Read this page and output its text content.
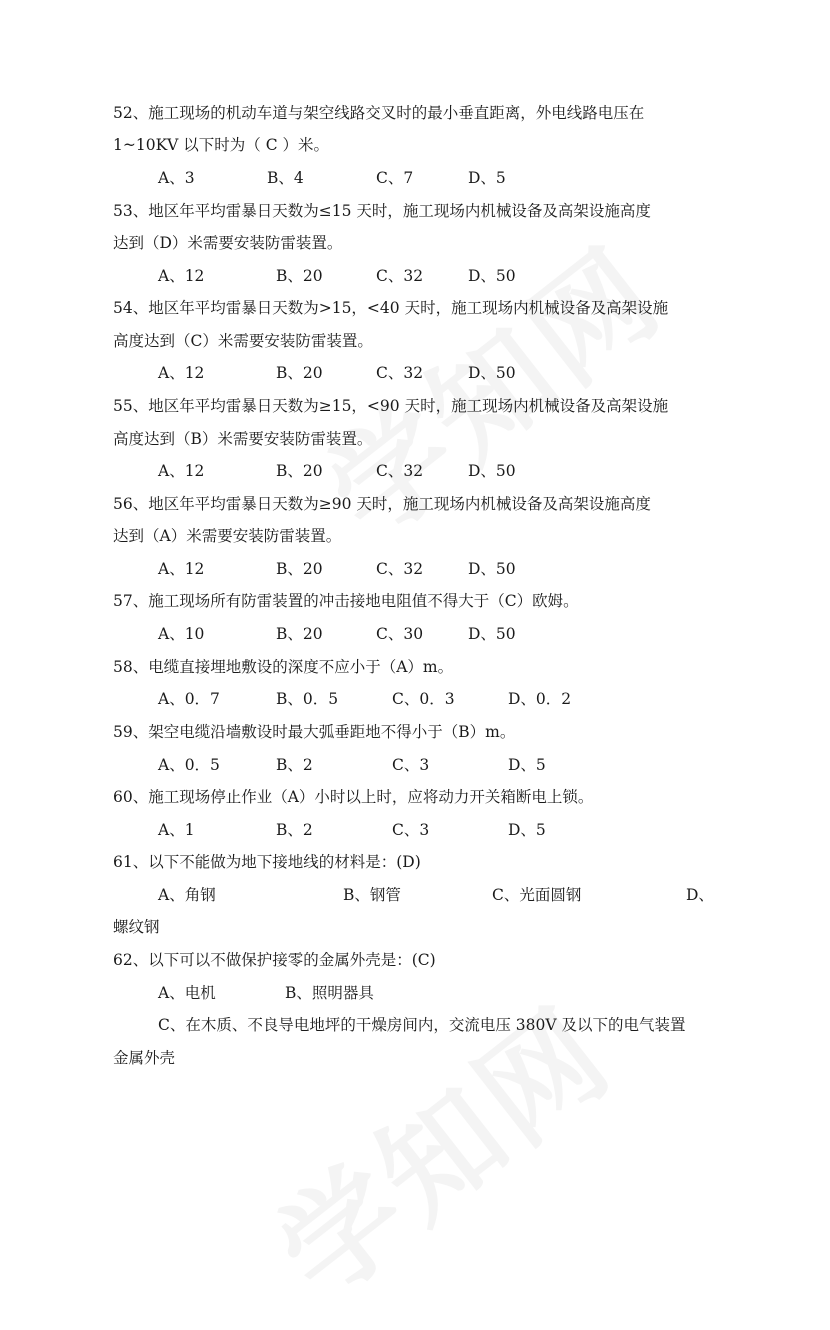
52、施工现场的机动车道与架空线路交叉时的最小垂直距离，外电线路电压在
1~10KV 以下时为（ C ）米。
A、3	B、4	C、7	D、5
53、地区年平均雷暴日天数为≤15 天时，施工现场内机械设备及高架设施高度
达到（D）米需要安装防雷装置。
A、12	B、20	C、32	D、50
54、地区年平均雷暴日天数为>15，<40 天时，施工现场内机械设备及高架设施
高度达到（C）米需要安装防雷装置。
A、12	B、20	C、32	D、50
55、地区年平均雷暴日天数为≥15，<90 天时，施工现场内机械设备及高架设施
高度达到（B）米需要安装防雷装置。
A、12	B、20	C、32	D、50
56、地区年平均雷暴日天数为≥90 天时，施工现场内机械设备及高架设施高度
达到（A）米需要安装防雷装置。
A、12	B、20	C、32	D、50
57、施工现场所有防雷装置的冲击接地电阻值不得大于（C）欧姆。
A、10	B、20	C、30	D、50
58、电缆直接埋地敷设的深度不应小于（A）m。
A、0．7	B、0．5	C、0．3	D、0．2
59、架空电缆沿墙敷设时最大弧垂距地不得小于（B）m。
A、0．5	B、2	C、3	D、5
60、施工现场停止作业（A）小时以上时，应将动力开关箱断电上锁。
A、1	B、2	C、3	D、5
61、以下不能做为地下接地线的材料是：(D)
A、角钢	B、钢管	C、光面圆钢	D、
螺纹钢
62、以下可以不做保护接零的金属外壳是：(C)
A、电机	B、照明器具
C、在木质、不良导电地坪的干燥房间内，交流电压 380V 及以下的电气装置
金属外壳
